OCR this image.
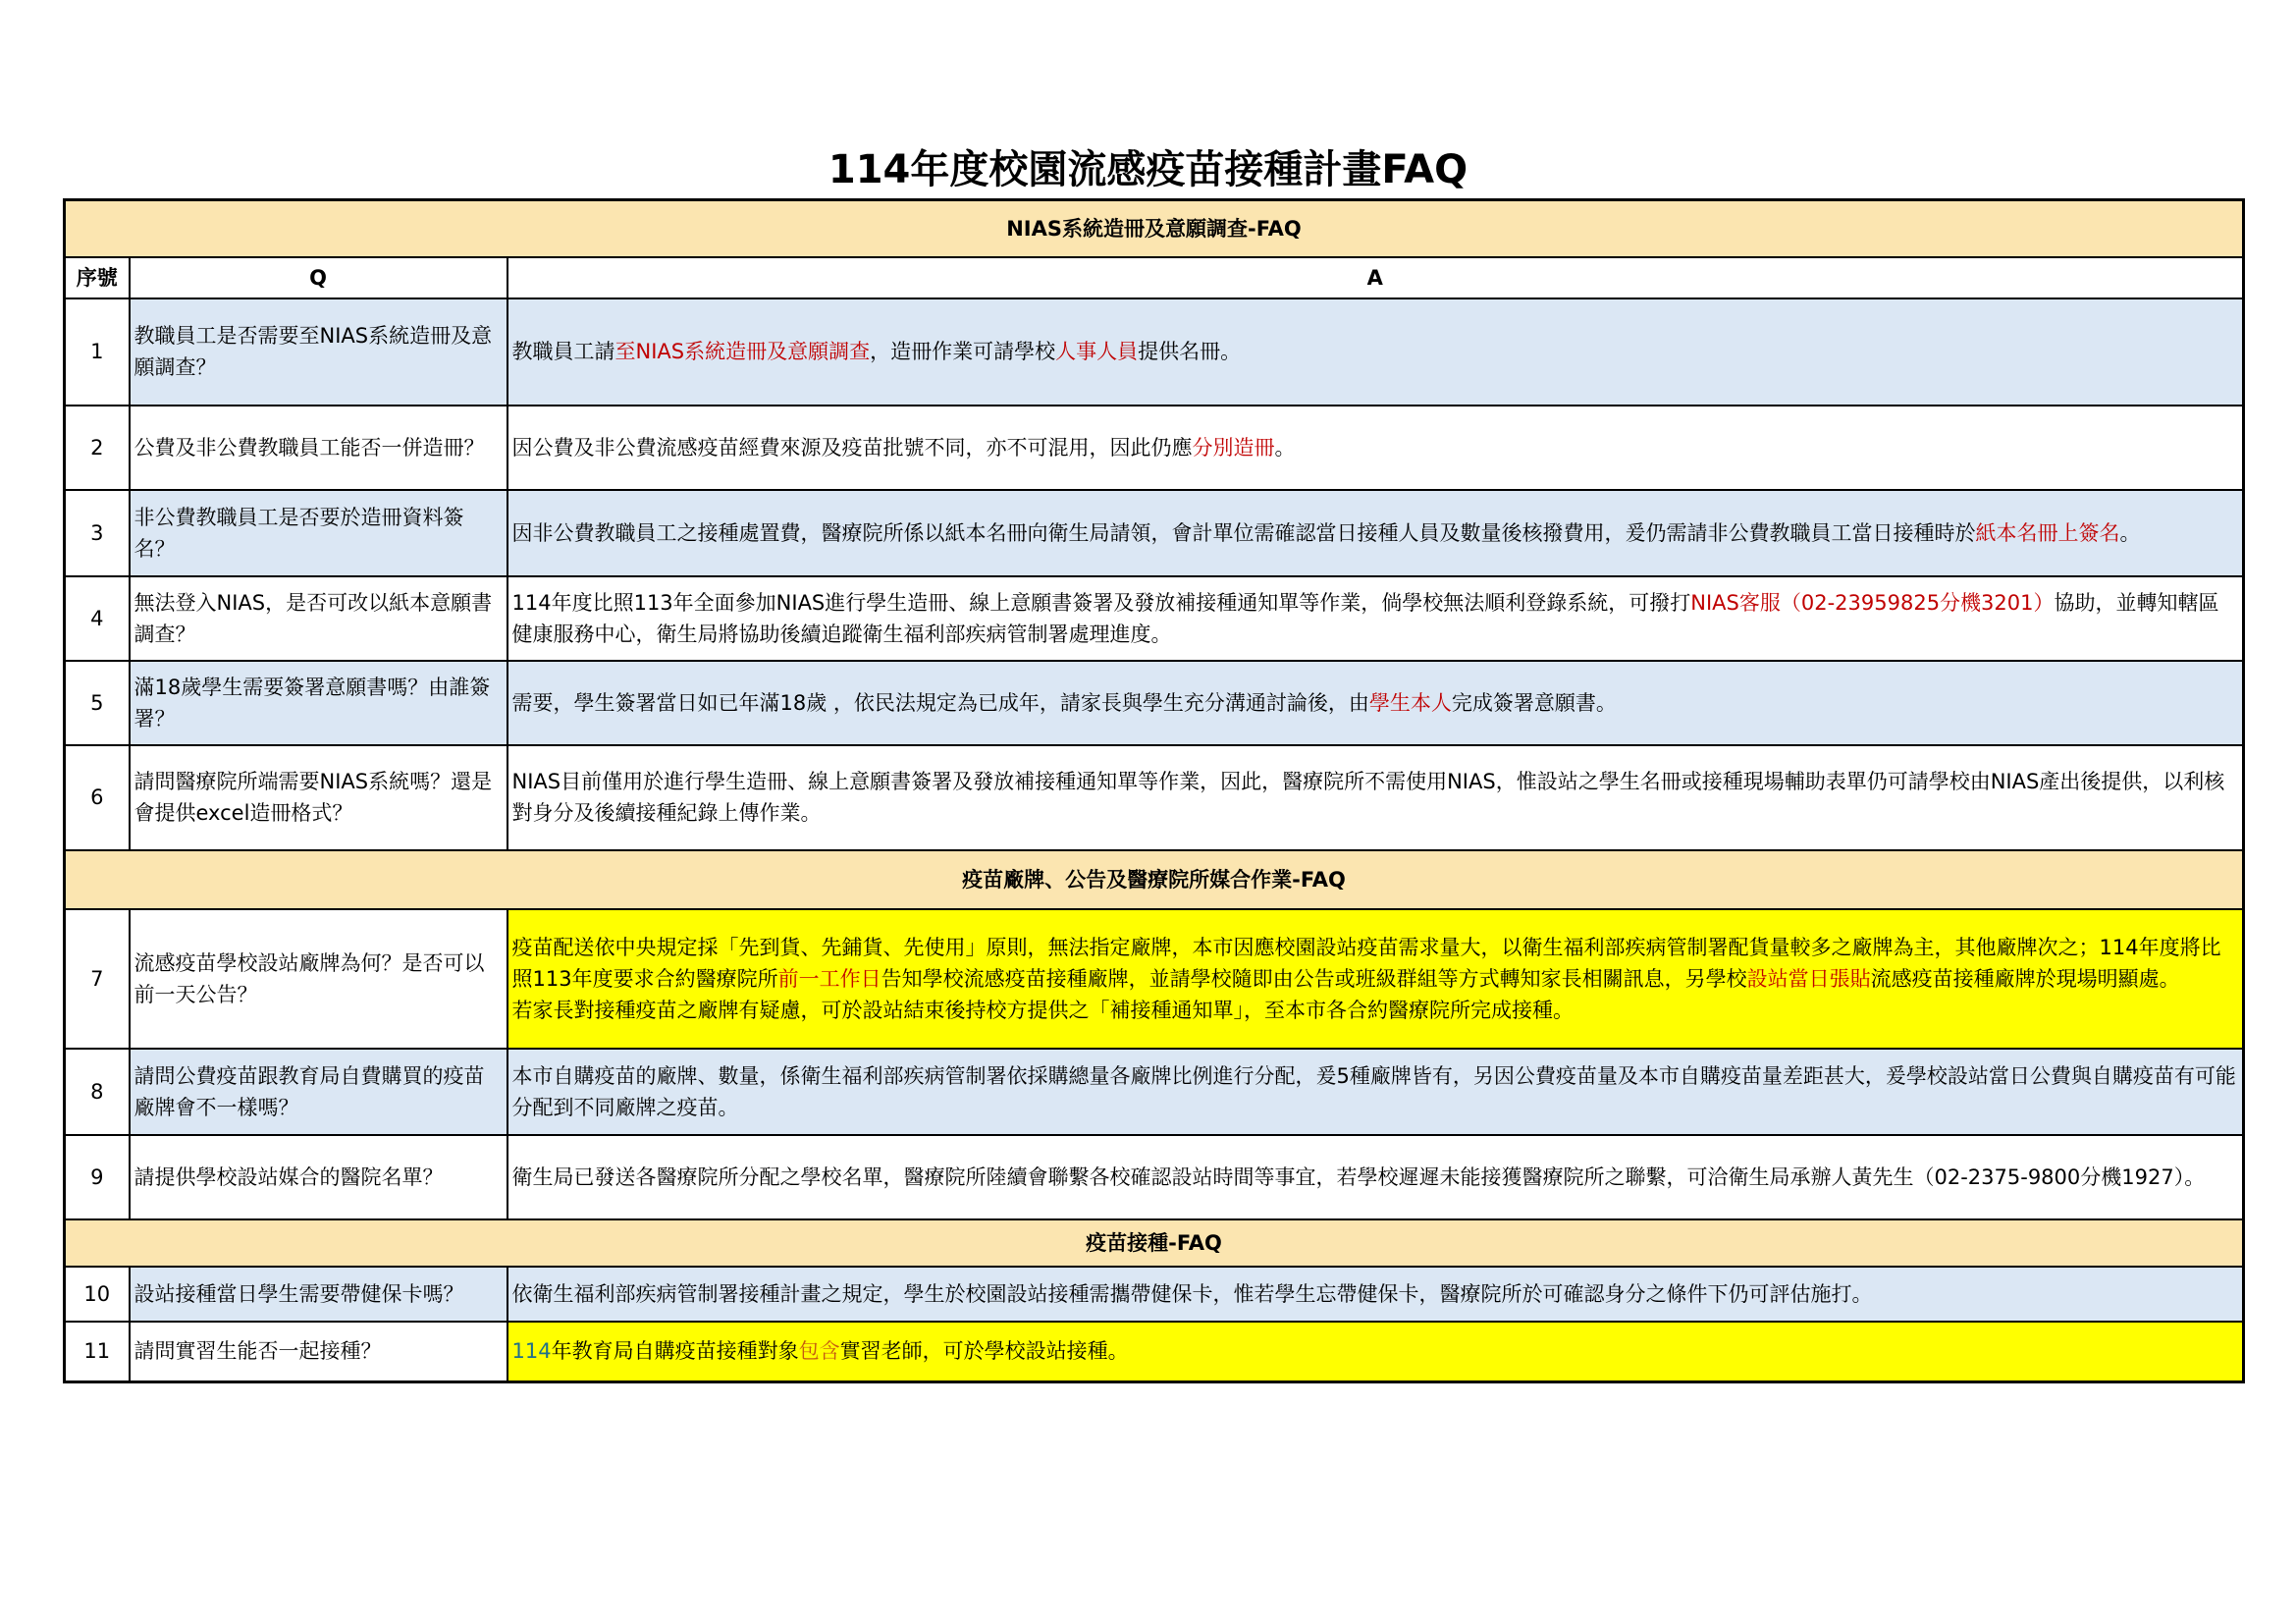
114年度校園流感疫苗接種計畫FAQ
NIAS系統造冊及意願調查-FAQ		
序號	Q	A
1	教職員工是否需要至NIAS系統造冊及意願調查？	教職員工請至NIAS系統造冊及意願調查，造冊作業可請學校人事人員提供名冊。
2	公費及非公費教職員工能否一併造冊？	因公費及非公費流感疫苗經費來源及疫苗批號不同，亦不可混用，因此仍應分別造冊。
3	非公費教職員工是否要於造冊資料簽名？	因非公費教職員工之接種處置費，醫療院所係以紙本名冊向衛生局請領，會計單位需確認當日接種人員及數量後核撥費用，爰仍需請非公費教職員工當日接種時於紙本名冊上簽名。
4	無法登入NIAS，是否可改以紙本意願書調查？	114年度比照113年全面參加NIAS進行學生造冊、線上意願書簽署及發放補接種通知單等作業，倘學校無法順利登錄系統，可撥打NIAS客服（02-23959825分機3201）協助，並轉知轄區健康服務中心，衛生局將協助後續追蹤衛生福利部疾病管制署處理進度。
5	滿18歲學生需要簽署意願書嗎？由誰簽署？	需要，學生簽署當日如已年滿18歲 ，依民法規定為已成年，請家長與學生充分溝通討論後，由學生本人完成簽署意願書。
6	請問醫療院所端需要NIAS系統嗎？還是會提供excel造冊格式？	NIAS目前僅用於進行學生造冊、線上意願書簽署及發放補接種通知單等作業，因此，醫療院所不需使用NIAS，惟設站之學生名冊或接種現場輔助表單仍可請學校由NIAS產出後提供，以利核對身分及後續接種紀錄上傳作業。
疫苗廠牌、公告及醫療院所媒合作業-FAQ		
7	流感疫苗學校設站廠牌為何？是否可以前一天公告？	疫苗配送依中央規定採「先到貨、先鋪貨、先使用」原則，無法指定廠牌，本市因應校園設站疫苗需求量大，以衛生福利部疾病管制署配貨量較多之廠牌為主，其他廠牌次之；114年度將比照113年度要求合約醫療院所前一工作日告知學校流感疫苗接種廠牌，並請學校隨即由公告或班級群組等方式轉知家長相關訊息，另學校設站當日張貼流感疫苗接種廠牌於現場明顯處。
若家長對接種疫苗之廠牌有疑慮，可於設站結束後持校方提供之「補接種通知單」，至本市各合約醫療院所完成接種。
8	請問公費疫苗跟教育局自費購買的疫苗廠牌會不一樣嗎？	本市自購疫苗的廠牌、數量，係衛生福利部疾病管制署依採購總量各廠牌比例進行分配，爰5種廠牌皆有，另因公費疫苗量及本市自購疫苗量差距甚大，爰學校設站當日公費與自購疫苗有可能分配到不同廠牌之疫苗。
9	請提供學校設站媒合的醫院名單？	衛生局已發送各醫療院所分配之學校名單，醫療院所陸續會聯繫各校確認設站時間等事宜，若學校遲遲未能接獲醫療院所之聯繫，可洽衛生局承辦人黃先生（02-2375-9800分機1927）。
疫苗接種-FAQ		
10	設站接種當日學生需要帶健保卡嗎？	依衛生福利部疾病管制署接種計畫之規定，學生於校園設站接種需攜帶健保卡，惟若學生忘帶健保卡，醫療院所於可確認身分之條件下仍可評估施打。
11	請問實習生能否一起接種？	114年教育局自購疫苗接種對象包含實習老師，可於學校設站接種。
